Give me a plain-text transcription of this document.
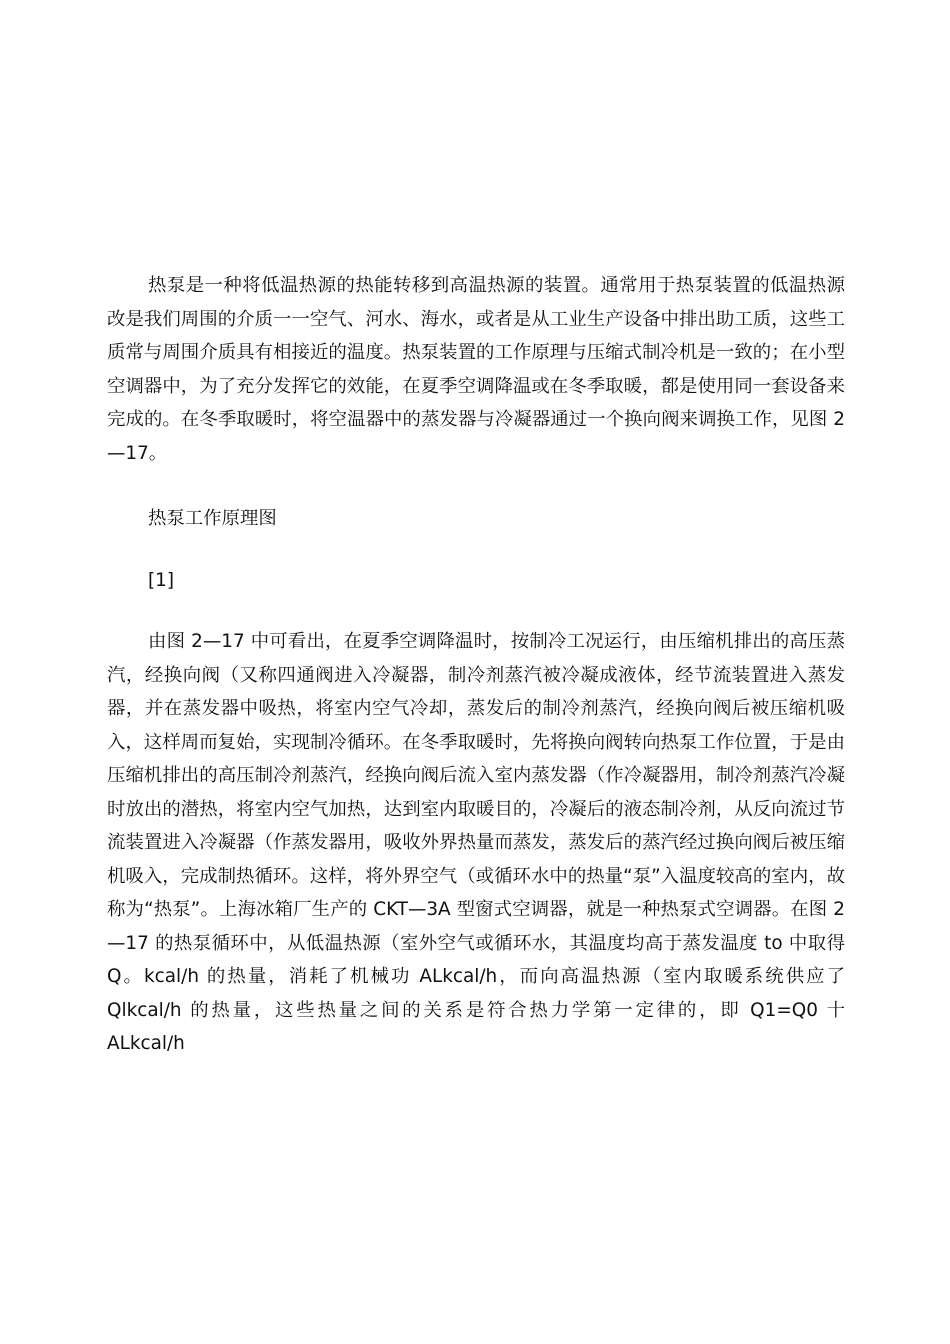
热泵是一种将低温热源的热能转移到高温热源的装置。通常用于热泵装置的低温热源改是我们周围的介质一一空气、河水、海水，或者是从工业生产设备中排出助工质，这些工质常与周围介质具有相接近的温度。热泵装置的工作原理与压缩式制冷机是一致的；在小型空调器中，为了充分发挥它的效能，在夏季空调降温或在冬季取暖，都是使用同一套设备来完成的。在冬季取暖时，将空温器中的蒸发器与冷凝器通过一个换向阀来调换工作，见图 2—17。

热泵工作原理图

[1]

由图 2—17 中可看出，在夏季空调降温时，按制冷工况运行，由压缩机排出的高压蒸汽，经换向阀（又称四通阀进入冷凝器，制冷剂蒸汽被冷凝成液体，经节流装置进入蒸发器，并在蒸发器中吸热，将室内空气冷却，蒸发后的制冷剂蒸汽，经换向阀后被压缩机吸入，这样周而复始，实现制冷循环。在冬季取暖时，先将换向阀转向热泵工作位置，于是由压缩机排出的高压制冷剂蒸汽，经换向阀后流入室内蒸发器（作冷凝器用，制冷剂蒸汽冷凝时放出的潜热，将室内空气加热，达到室内取暖目的，冷凝后的液态制冷剂，从反向流过节流装置进入冷凝器（作蒸发器用，吸收外界热量而蒸发，蒸发后的蒸汽经过换向阀后被压缩机吸入，完成制热循环。这样，将外界空气（或循环水中的热量“泵”入温度较高的室内，故称为“热泵”。上海冰箱厂生产的 CKT—3A 型窗式空调器，就是一种热泵式空调器。在图 2—17 的热泵循环中，从低温热源（室外空气或循环水，其温度均高于蒸发温度 to 中取得 Q。kcal/h 的热量，消耗了机械功 ALkcal/h，而向高温热源（室内取暖系统供应了 Qlkcal/h 的热量，这些热量之间的关系是符合热力学第一定律的，即 Q1=Q0 十 ALkcal/h
